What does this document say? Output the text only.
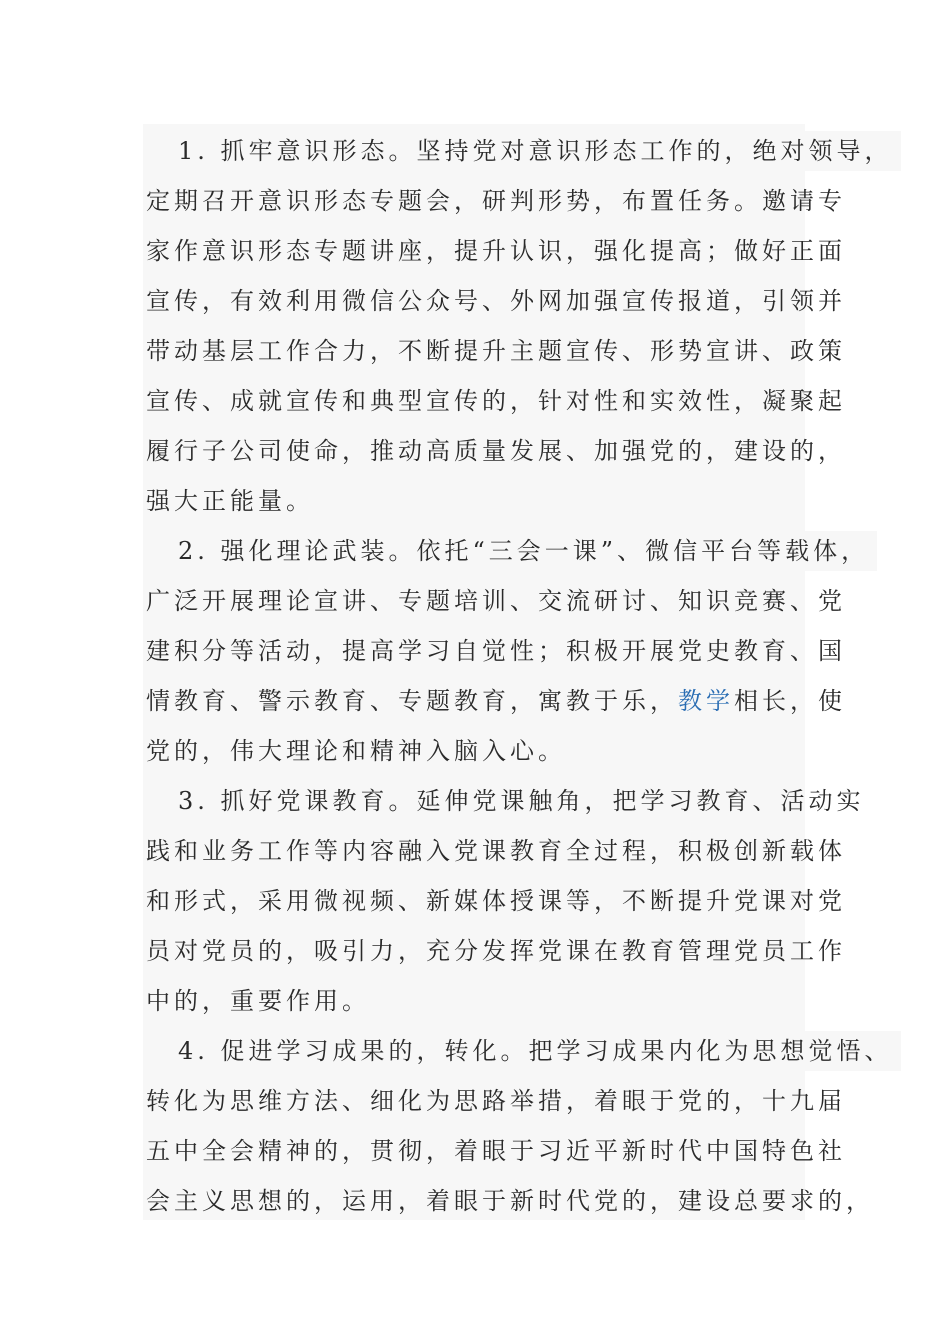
1. 抓牢意识形态。坚持党对意识形态工作的，绝对领导，
定期召开意识形态专题会，研判形势，布置任务。邀请专
家作意识形态专题讲座，提升认识，强化提高；做好正面
宣传，有效利用微信公众号、外网加强宣传报道，引领并
带动基层工作合力，不断提升主题宣传、形势宣讲、政策
宣传、成就宣传和典型宣传的，针对性和实效性，凝聚起
履行子公司使命，推动高质量发展、加强党的，建设的，
强大正能量。
2. 强化理论武装。依托“三会一课”、微信平台等载体，
广泛开展理论宣讲、专题培训、交流研讨、知识竞赛、党
建积分等活动，提高学习自觉性；积极开展党史教育、国
情教育、警示教育、专题教育，寓教于乐，教学相长，使
党的，伟大理论和精神入脑入心。
3. 抓好党课教育。延伸党课触角，把学习教育、活动实
践和业务工作等内容融入党课教育全过程，积极创新载体
和形式，采用微视频、新媒体授课等，不断提升党课对党
员对党员的，吸引力，充分发挥党课在教育管理党员工作
中的，重要作用。
4. 促进学习成果的，转化。把学习成果内化为思想觉悟、
转化为思维方法、细化为思路举措，着眼于党的，十九届
五中全会精神的，贯彻，着眼于习近平新时代中国特色社
会主义思想的，运用，着眼于新时代党的，建设总要求的，
